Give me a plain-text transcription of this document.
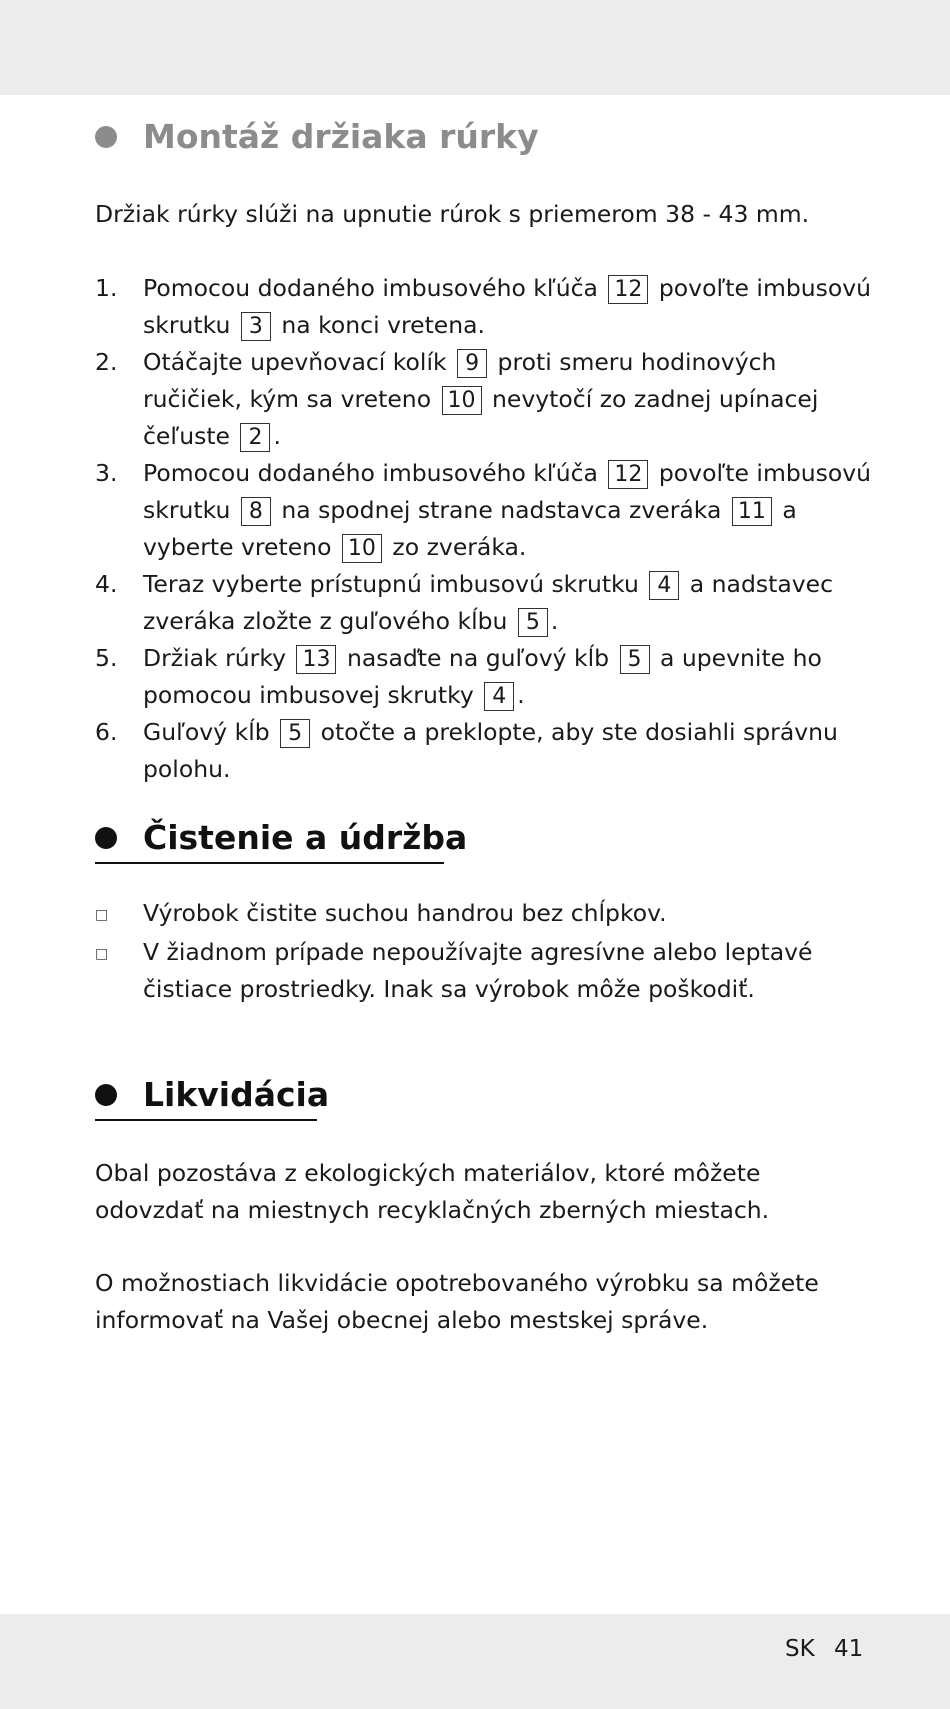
Montáž držiaka rúrky
Držiak rúrky slúži na upnutie rúrok s priemerom 38 - 43 mm.
1.	Pomocou dodaného imbusového kľúča 12 povoľte imbusovú skrutku 3 na konci vretena.
2.	Otáčajte upevňovací kolík 9 proti smeru hodinových ručičiek, kým sa vreteno 10 nevytočí zo zadnej upínacej čeľuste 2 .
3.	Pomocou dodaného imbusového kľúča 12 povoľte imbusovú skrutku 8 na spodnej strane nadstavca zveráka 11 a vyberte vreteno 10 zo zveráka.
4.	Teraz vyberte prístupnú imbusovú skrutku 4 a nadstavec zveráka zložte z guľového kĺbu 5 .
5.	Držiak rúrky 13 nasaďte na guľový kĺb 5 a upevnite ho pomocou imbusovej skrutky 4 .
6.	Guľový kĺb 5 otočte a preklopte, aby ste dosiahli správnu polohu.
Čistenie a údržba
□	Výrobok čistite suchou handrou bez chĺpkov.
□	V žiadnom prípade nepoužívajte agresívne alebo leptavé čistiace prostriedky. Inak sa výrobok môže poškodiť.
Likvidácia
Obal pozostáva z ekologických materiálov, ktoré môžete odovzdať na miestnych recyklačných zberných miestach.
O možnostiach likvidácie opotrebovaného výrobku sa môžete informovať na Vašej obecnej alebo mestskej správe.
SK 41
